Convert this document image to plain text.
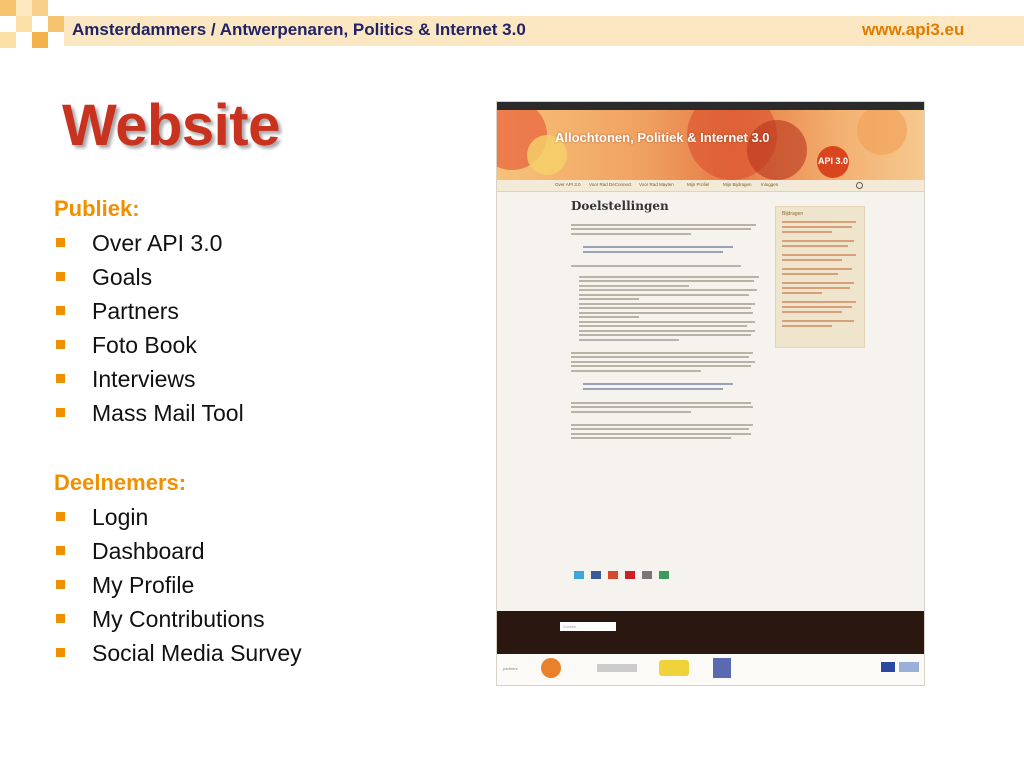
Amsterdammers / Antwerpenaren, Politics & Internet 3.0	www.api3.eu
Website

Publiek:

Over API 3.0
Goals
Partners
Foto Book
Interviews
Mass Mail Tool

Deelnemers:

Login
Dashboard
My Profile
My Contributions
Social Media Survey
Allochtonen, Politiek & Internet 3.0
API 3.0
Over API 3.0 Voor Rad DeConnect Voor Rad Mayten	Mijn Profiel	Mijn Bijdragen Inloggen
Doelstellingen
Bijdragen
Zoeken
partners
